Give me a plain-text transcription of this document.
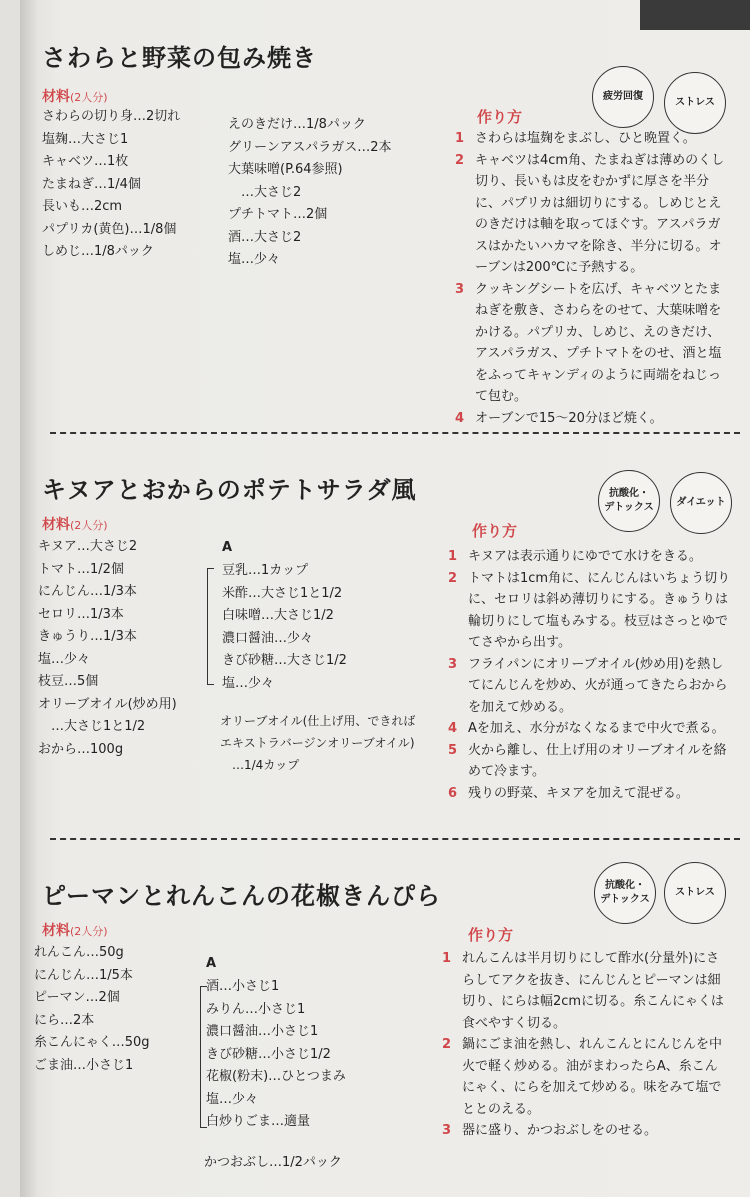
さわらと野菜の包み焼き
材料(2人分)
さわらの切り身…2切れ
塩麹…大さじ1
キャベツ…1枚
たまねぎ…1/4個
長いも…2cm
パプリカ(黄色)…1/8個
しめじ…1/8パック
えのきだけ…1/8パック
グリーンアスパラガス…2本
大葉味噌(P.64参照)
　…大さじ2
プチトマト…2個
酒…大さじ2
塩…少々
疲労回復
ストレス
作り方
1 さわらは塩麹をまぶし、ひと晩置く。
2 キャベツは4cm角、たまねぎは薄めのくし切り、長いもは皮をむかずに厚さを半分に、パプリカは細切りにする。しめじとえのきだけは軸を取ってほぐす。アスパラガスはかたいハカマを除き、半分に切る。オーブンは200℃に予熱する。
3 クッキングシートを広げ、キャベツとたまねぎを敷き、さわらをのせて、大葉味噌をかける。パプリカ、しめじ、えのきだけ、アスパラガス、プチトマトをのせ、酒と塩をふってキャンディのように両端をねじって包む。
4 オーブンで15～20分ほど焼く。
キヌアとおからのポテトサラダ風
材料(2人分)
キヌア…大さじ2
トマト…1/2個
にんじん…1/3本
セロリ…1/3本
きゅうり…1/3本
塩…少々
枝豆…5個
オリーブオイル(炒め用)
　…大さじ1と1/2
おから…100g
A
豆乳…1カップ
米酢…大さじ1と1/2
白味噌…大さじ1/2
濃口醤油…少々
きび砂糖…大さじ1/2
塩…少々
オリーブオイル(仕上げ用、できれば
エキストラバージンオリーブオイル)
　…1/4カップ
抗酸化・
デトックス	ダイエット
作り方
1 キヌアは表示通りにゆでて水けをきる。
2 トマトは1cm角に、にんじんはいちょう切りに、セロリは斜め薄切りにする。きゅうりは輪切りにして塩もみする。枝豆はさっとゆでてさやから出す。
3 フライパンにオリーブオイル(炒め用)を熱してにんじんを炒め、火が通ってきたらおからを加えて炒める。
4 Aを加え、水分がなくなるまで中火で煮る。
5 火から離し、仕上げ用のオリーブオイルを絡めて冷ます。
6 残りの野菜、キヌアを加えて混ぜる。
ピーマンとれんこんの花椒きんぴら
材料(2人分)
れんこん…50g
にんじん…1/5本
ピーマン…2個
にら…2本
糸こんにゃく…50g
ごま油…小さじ1
A
酒…小さじ1
みりん…小さじ1
濃口醤油…小さじ1
きび砂糖…小さじ1/2
花椒(粉末)…ひとつまみ
塩…少々
白炒りごま…適量
かつおぶし…1/2パック
抗酸化・
デトックス
ストレス
作り方
1 れんこんは半月切りにして酢水(分量外)にさらしてアクを抜き、にんじんとピーマンは細切り、にらは幅2cmに切る。糸こんにゃくは食べやすく切る。
2 鍋にごま油を熱し、れんこんとにんじんを中火で軽く炒める。油がまわったらA、糸こんにゃく、にらを加えて炒める。味をみて塩でととのえる。
3 器に盛り、かつおぶしをのせる。
